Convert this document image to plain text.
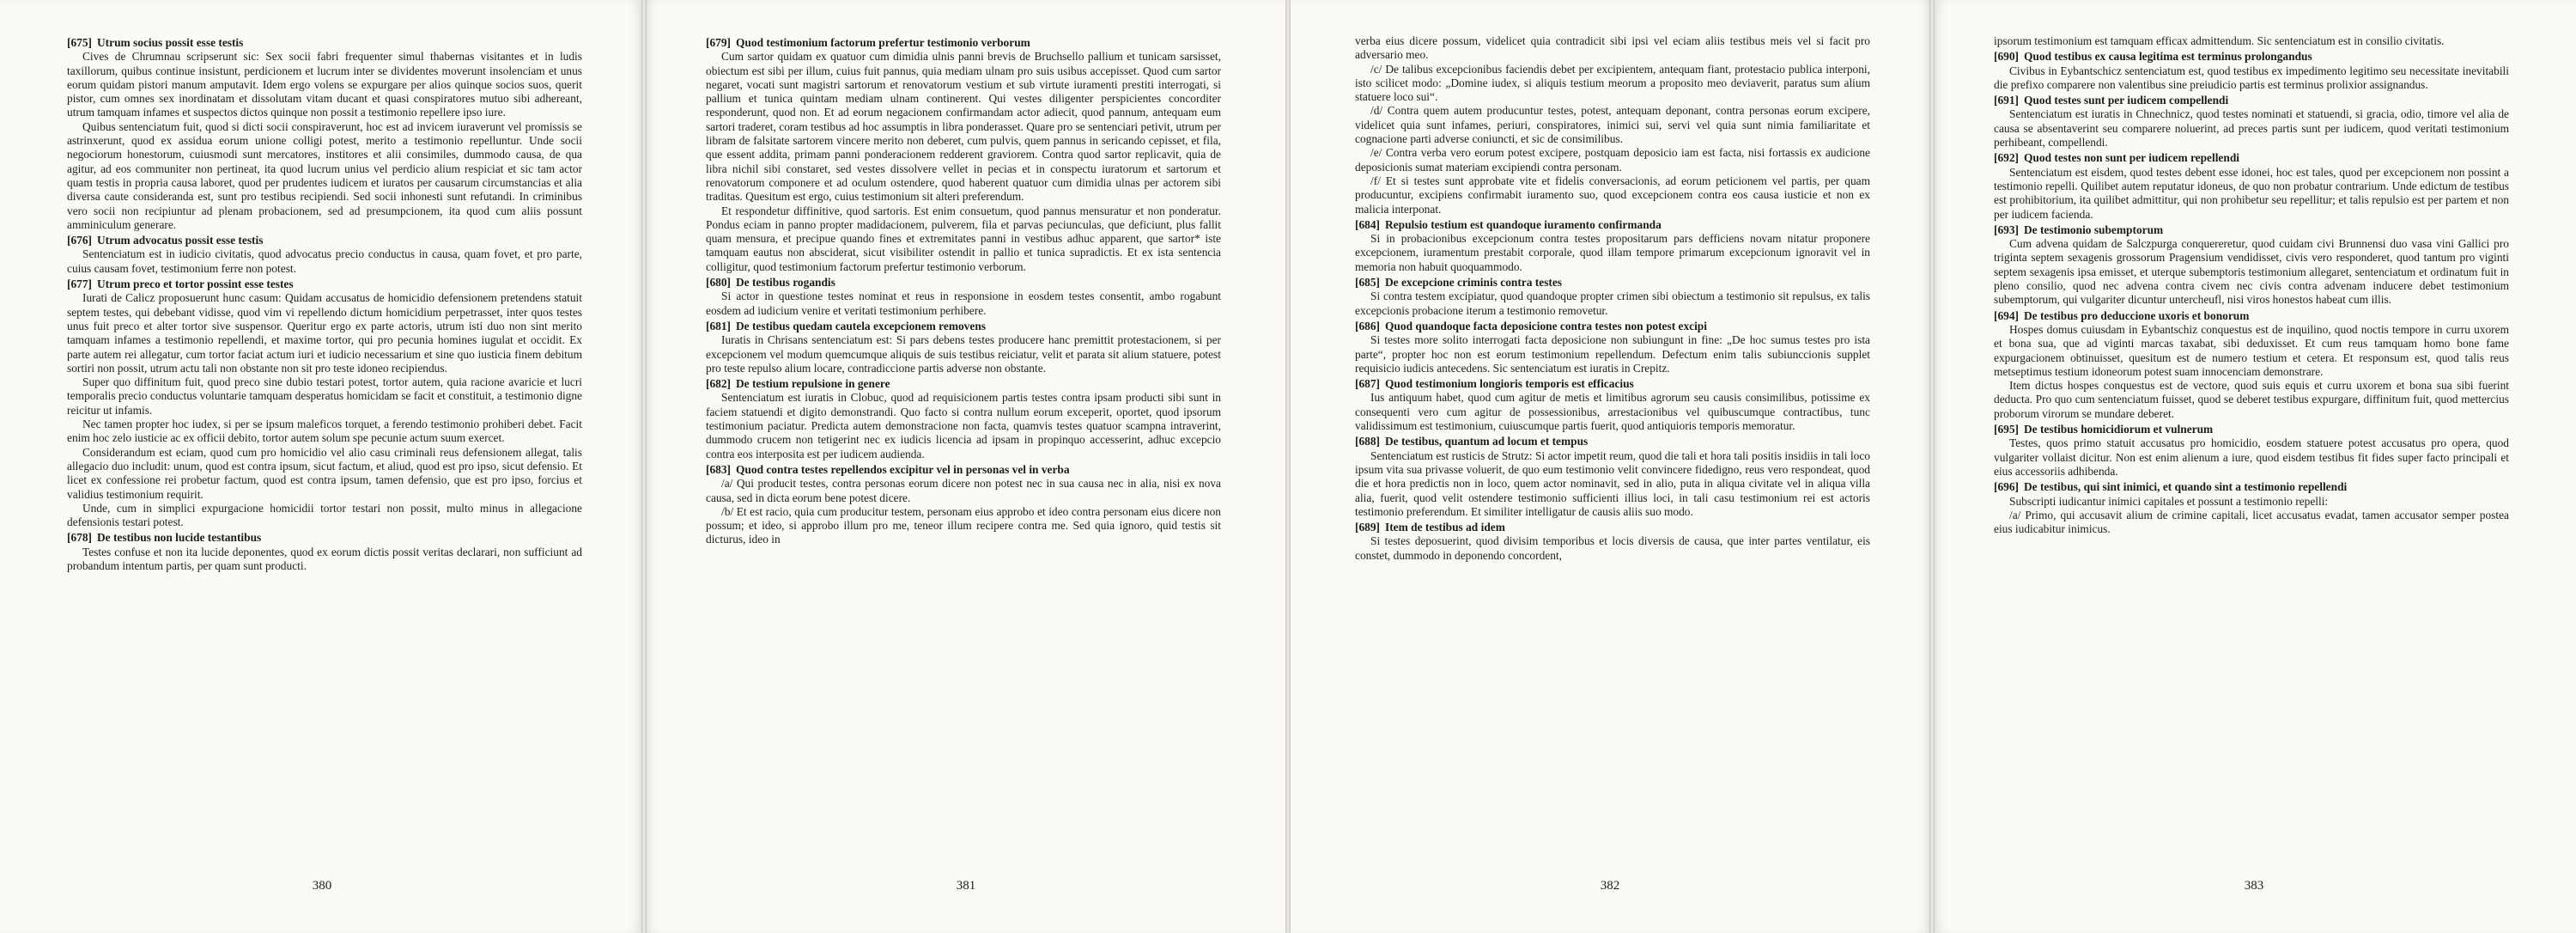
[675] Utrum socius possit esse testis

Cives de Chrumnau scripserunt sic: Sex socii fabri frequenter simul thabernas visitantes et in ludis taxillorum, quibus continue insistunt, perdicionem et lucrum inter se dividentes moverunt insolenciam et unus eorum quidam pistori manum amputavit. Idem ergo volens se expurgare per alios quinque socios suos, querit pistor, cum omnes sex inordinatam et dissolutam vitam ducant et quasi conspiratores mutuo sibi adhereant, utrum tamquam infames et suspectos dictos quinque non possit a testimonio repellere ipso iure.

Quibus sentenciatum fuit, quod si dicti socii conspiraverunt, hoc est ad invicem iuraverunt vel promissis se astrinxerunt, quod ex assidua eorum unione colligi potest, merito a testimonio repelluntur. Unde socii negociorum honestorum, cuiusmodi sunt mercatores, institores et alii consimiles, dummodo causa, de qua agitur, ad eos communiter non pertineat, ita quod lucrum unius vel perdicio alium respiciat et sic tam actor quam testis in propria causa laboret, quod per prudentes iudicem et iuratos per causarum circumstancias et alia diversa caute consideranda est, sunt pro testibus recipiendi. Sed socii inhonesti sunt refutandi. In criminibus vero socii non recipiuntur ad plenam probacionem, sed ad presumpcionem, ita quod cum aliis possunt amminiculum generare.

[676] Utrum advocatus possit esse testis

Sentenciatum est in iudicio civitatis, quod advocatus precio conductus in causa, quam fovet, et pro parte, cuius causam fovet, testimonium ferre non potest.

[677] Utrum preco et tortor possint esse testes

Iurati de Calicz proposuerunt hunc casum: Quidam accusatus de homicidio defensionem pretendens statuit septem testes, qui debebant vidisse, quod vim vi repellendo dictum homicidium perpetrasset, inter quos testes unus fuit preco et alter tortor sive suspensor. Queritur ergo ex parte actoris, utrum isti duo non sint merito tamquam infames a testimonio repellendi, et maxime tortor, qui pro pecunia homines iugulat et occidit. Ex parte autem rei allegatur, cum tortor faciat actum iuri et iudicio necessarium et sine quo iusticia finem debitum sortiri non possit, utrum actu tali non obstante non sit pro teste idoneo recipiendus.

Super quo diffinitum fuit, quod preco sine dubio testari potest, tortor autem, quia racione avaricie et lucri temporalis precio conductus voluntarie tamquam desperatus homicidam se facit et constituit, a testimonio digne reicitur ut infamis.

Nec tamen propter hoc iudex, si per se ipsum maleficos torquet, a ferendo testimonio prohiberi debet. Facit enim hoc zelo iusticie ac ex officii debito, tortor autem solum spe pecunie actum suum exercet.

Considerandum est eciam, quod cum pro homicidio vel alio casu criminali reus defensionem allegat, talis allegacio duo includit: unum, quod est contra ipsum, sicut factum, et aliud, quod est pro ipso, sicut defensio. Et licet ex confessione rei probetur factum, quod est contra ipsum, tamen defensio, que est pro ipso, forcius et validius testimonium requirit.

Unde, cum in simplici expurgacione homicidii tortor testari non possit, multo minus in allegacione defensionis testari potest.

[678] De testibus non lucide testantibus

Testes confuse et non ita lucide deponentes, quod ex eorum dictis possit veritas declarari, non sufficiunt ad probandum intentum partis, per quam sunt producti.

380
[679] Quod testimonium factorum prefertur testimonio verborum

Cum sartor quidam ex quatuor cum dimidia ulnis panni brevis de Bruchsello pallium et tunicam sarsisset, obiectum est sibi per illum, cuius fuit pannus, quia mediam ulnam pro suis usibus accepisset. Quod cum sartor negaret, vocati sunt magistri sartorum et renovatorum vestium et sub virtute iuramenti prestiti interrogati, si pallium et tunica quintam mediam ulnam continerent. Qui vestes diligenter perspicientes concorditer responderunt, quod non. Et ad eorum negacionem confirmandam actor adiecit, quod pannum, antequam eum sartori traderet, coram testibus ad hoc assumptis in libra ponderasset. Quare pro se sentenciari petivit, utrum per libram de falsitate sartorem vincere merito non deberet, cum pulvis, quem pannus in sericando cepisset, et fila, que essent addita, primam panni ponderacionem redderent graviorem. Contra quod sartor replicavit, quia de libra nichil sibi constaret, sed vestes dissolvere vellet in pecias et in conspectu iuratorum et sartorum et renovatorum componere et ad oculum ostendere, quod haberent quatuor cum dimidia ulnas per actorem sibi traditas. Quesitum est ergo, cuius testimonium sit alteri preferendum.

Et respondetur diffinitive, quod sartoris. Est enim consuetum, quod pannus mensuratur et non ponderatur. Pondus eciam in panno propter madidacionem, pulverem, fila et parvas peciunculas, que deficiunt, plus fallit quam mensura, et precipue quando fines et extremitates panni in vestibus adhuc apparent, que sartor* iste tamquam eautus non absciderat, sicut visibiliter ostendit in pallio et tunica supradictis. Et ex ista sentencia colligitur, quod testimonium factorum prefertur testimonio verborum.

[680] De testibus rogandis

Si actor in questione testes nominat et reus in responsione in eosdem testes consentit, ambo rogabunt eosdem ad iudicium venire et veritati testimonium perhibere.

[681] De testibus quedam cautela excepcionem removens

Iuratis in Chrisans sentenciatum est: Si pars debens testes producere hanc premittit protestacionem, si per excepcionem vel modum quemcumque aliquis de suis testibus reiciatur, velit et parata sit alium statuere, potest pro teste repulso alium locare, contradiccione partis adverse non obstante.

[682] De testium repulsione in genere

Sentenciatum est iuratis in Clobuc, quod ad requisicionem partis testes contra ipsam producti sibi sunt in faciem statuendi et digito demonstrandi. Quo facto si contra nullum eorum exceperit, oportet, quod ipsorum testimonium paciatur. Predicta autem demonstracione non facta, quamvis testes quatuor scampna intraverint, dummodo crucem non tetigerint nec ex iudicis licencia ad ipsam in propinquo accesserint, adhuc excepcio contra eos interposita est per iudicem audienda.

[683] Quod contra testes repellendos excipitur vel in personas vel in verba

/a/ Qui producit testes, contra personas eorum dicere non potest nec in sua causa nec in alia, nisi ex nova causa, sed in dicta eorum bene potest dicere.

/b/ Et est racio, quia cum producitur testem, personam eius approbo et ideo contra personam eius dicere non possum; et ideo, si approbo illum pro me, teneor illum recipere contra me. Sed quia ignoro, quid testis sit dicturus, ideo in

381

verba eius dicere possum, videlicet quia contradicit sibi ipsi vel eciam aliis testibus meis vel si facit pro adversario meo.

/c/ De talibus excepcionibus faciendis debet per excipientem, antequam fiant, protestacio publica interponi, isto scilicet modo: „Domine iudex, si aliquis testium meorum a proposito meo deviaverit, paratus sum alium statuere loco sui“.

/d/ Contra quem autem producuntur testes, potest, antequam deponant, contra personas eorum excipere, videlicet quia sunt infames, periuri, conspiratores, inimici sui, servi vel quia sunt nimia familiaritate et cognacione parti adverse coniuncti, et sic de consimilibus.

/e/ Contra verba vero eorum potest excipere, postquam deposicio iam est facta, nisi fortassis ex audicione deposicionis sumat materiam excipiendi contra personam.

/f/ Et si testes sunt approbate vite et fidelis conversacionis, ad eorum peticionem vel partis, per quam producuntur, excipiens confirmabit iuramento suo, quod excepcionem contra eos causa iusticie et non ex malicia interponat.

[684] Repulsio testium est quandoque iuramento confirmanda

Si in probacionibus excepcionum contra testes propositarum pars defficiens novam nitatur proponere excepcionem, iuramentum prestabit corporale, quod illam tempore primarum excepcionum ignoravit vel in memoria non habuit quoquammodo.

[685] De excepcione criminis contra testes

Si contra testem excipiatur, quod quandoque propter crimen sibi obiectum a testimonio sit repulsus, ex talis excepcionis probacione iterum a testimonio removetur.

[686] Quod quandoque facta deposicione contra testes non potest excipi

Si testes more solito interrogati facta deposicione non subiungunt in fine: „De hoc sumus testes pro ista parte“, propter hoc non est eorum testimonium repellendum. Defectum enim talis subiunccionis supplet requisicio iudicis antecedens. Sic sentenciatum est iuratis in Crepitz.

[687] Quod testimonium longioris temporis est efficacius

Ius antiquum habet, quod cum agitur de metis et limitibus agrorum seu causis consimilibus, potissime ex consequenti vero cum agitur de possessionibus, arrestacionibus vel quibuscumque contractibus, tunc validissimum est testimonium, cuiuscumque partis fuerit, quod antiquioris temporis memoratur.

[688] De testibus, quantum ad locum et tempus

Sentenciatum est rusticis de Strutz: Si actor impetit reum, quod die tali et hora tali positis insidiis in tali loco ipsum vita sua privasse voluerit, de quo eum testimonio velit convincere fidedigno, reus vero respondeat, quod die et hora predictis non in loco, quem actor nominavit, sed in alio, puta in aliqua civitate vel in aliqua villa alia, fuerit, quod velit ostendere testimonio sufficienti illius loci, in tali casu testimonium rei est actoris testimonio preferendum. Et similiter intelligatur de causis aliis suo modo.

[689] Item de testibus ad idem

Si testes deposuerint, quod divisim temporibus et locis diversis de causa, que inter partes ventilatur, eis constet, dummodo in deponendo concordent,

382

ipsorum testimonium est tamquam efficax admittendum. Sic sentenciatum est in consilio civitatis.

[690] Quod testibus ex causa legitima est terminus prolongandus

Civibus in Eybantschicz sentenciatum est, quod testibus ex impedimento legitimo seu necessitate inevitabili die prefixo comparere non valentibus sine preiudicio partis est terminus prolixior assignandus.

[691] Quod testes sunt per iudicem compellendi

Sentenciatum est iuratis in Chnechnicz, quod testes nominati et statuendi, si gracia, odio, timore vel alia de causa se absentaverint seu comparere noluerint, ad preces partis sunt per iudicem, quod veritati testimonium perhibeant, compellendi.

[692] Quod testes non sunt per iudicem repellendi

Sentenciatum est eisdem, quod testes debent esse idonei, hoc est tales, quod per excepcionem non possint a testimonio repelli. Quilibet autem reputatur idoneus, de quo non probatur contrarium. Unde edictum de testibus est prohibitorium, ita quilibet admittitur, qui non prohibetur seu repellitur; et talis repulsio est per partem et non per iudicem facienda.

[693] De testimonio subemptorum

Cum advena quidam de Salczpurga conquereretur, quod cuidam civi Brunnensi duo vasa vini Gallici pro triginta septem sexagenis grossorum Pragensium vendidisset, civis vero responderet, quod tantum pro viginti septem sexagenis ipsa emisset, et uterque subemptoris testimonium allegaret, sentenciatum et ordinatum fuit in pleno consilio, quod nec advena contra civem nec civis contra advenam inducere debet testimonium subemptorum, qui vulgariter dicuntur untercheufl, nisi viros honestos habeat cum illis.

[694] De testibus pro deduccione uxoris et bonorum

Hospes domus cuiusdam in Eybantschiz conquestus est de inquilino, quod noctis tempore in curru uxorem et bona sua, que ad viginti marcas taxabat, sibi deduxisset. Et cum reus tamquam homo bone fame expurgacionem obtinuisset, quesitum est de numero testium et cetera. Et responsum est, quod talis reus metseptimus testium idoneorum potest suam innocenciam demonstrare.

Item dictus hospes conquestus est de vectore, quod suis equis et curru uxorem et bona sua sibi fuerint deducta. Pro quo cum sentenciatum fuisset, quod se deberet testibus expurgare, diffinitum fuit, quod mettercius proborum virorum se mundare deberet.

[695] De testibus homicidiorum et vulnerum

Testes, quos primo statuit accusatus pro homicidio, eosdem statuere potest accusatus pro opera, quod vulgariter vollaist dicitur. Non est enim alienum a iure, quod eisdem testibus fit fides super facto principali et eius accessoriis adhibenda.

[696] De testibus, qui sint inimici, et quando sint a testimonio repellendi

Subscripti iudicantur inimici capitales et possunt a testimonio repelli:

/a/ Primo, qui accusavit alium de crimine capitali, licet accusatus evadat, tamen accusator semper postea eius iudicabitur inimicus.

383
